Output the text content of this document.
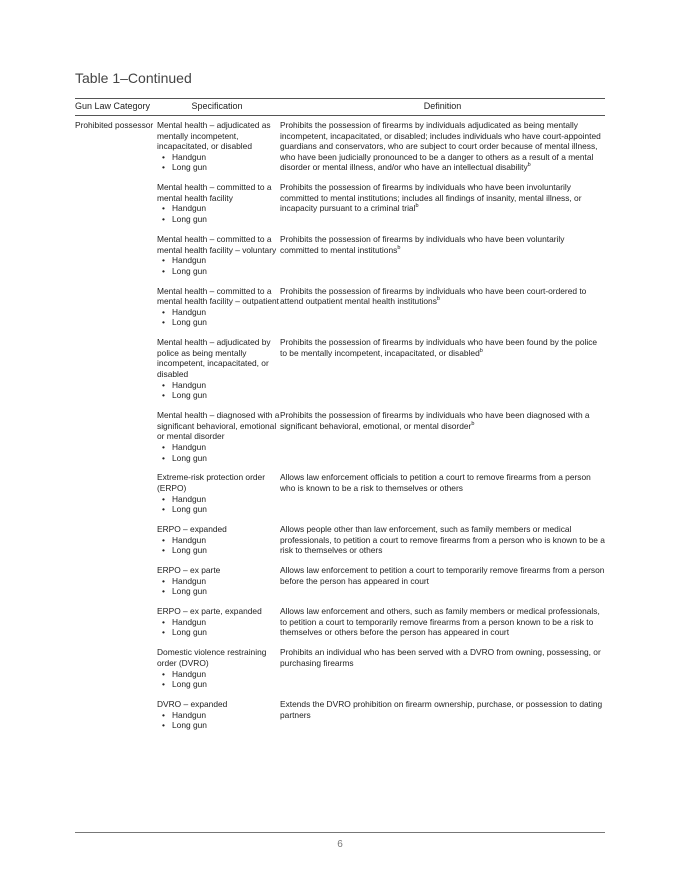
Table 1–Continued
Gun Law Category	Specification	Definition
Prohibited possessor Mental health – adjudicated as mentally incompetent, incapacitated, or disabled
• Handgun
• Long gun
Prohibits the possession of firearms by individuals adjudicated as being mentally incompetent, incapacitated, or disabled; includes individuals who have court-appointed guardians and conservators, who are subject to court order because of mental illness, who have been judicially pronounced to be a danger to others as a result of a mental disorder or mental illness, and/or who have an intellectual disability$^b$
Mental health – committed to a mental health facility
• Handgun
• Long gun
Prohibits the possession of firearms by individuals who have been involuntarily committed to mental institutions; includes all findings of insanity, mental illness, or incapacity pursuant to a criminal trial$^b$
Mental health – committed to a mental health facility – voluntary
• Handgun
• Long gun
Prohibits the possession of firearms by individuals who have been voluntarily committed to mental institutions$^b$
Mental health – committed to a mental health facility – outpatient
• Handgun
• Long gun
Prohibits the possession of firearms by individuals who have been court-ordered to attend outpatient mental health institutions$^b$
Mental health – adjudicated by police as being mentally incompetent, incapacitated, or disabled
• Handgun
• Long gun
Prohibits the possession of firearms by individuals who have been found by the police to be mentally incompetent, incapacitated, or disabled$^b$
Mental health – diagnosed with a significant behavioral, emotional or mental disorder
• Handgun
• Long gun
Prohibits the possession of firearms by individuals who have been diagnosed with a significant behavioral, emotional, or mental disorder$^b$
Extreme-risk protection order (ERPO)
• Handgun
• Long gun
Allows law enforcement officials to petition a court to remove firearms from a person who is known to be a risk to themselves or others
ERPO – expanded
• Handgun
• Long gun
Allows people other than law enforcement, such as family members or medical professionals, to petition a court to remove firearms from a person who is known to be a risk to themselves or others
ERPO – ex parte
• Handgun
• Long gun
Allows law enforcement to petition a court to temporarily remove firearms from a person before the person has appeared in court
ERPO – ex parte, expanded
• Handgun
• Long gun
Allows law enforcement and others, such as family members or medical professionals, to petition a court to temporarily remove firearms from a person known to be a risk to themselves or others before the person has appeared in court
Domestic violence restraining order (DVRO)
• Handgun
• Long gun
Prohibits an individual who has been served with a DVRO from owning, possessing, or purchasing firearms
DVRO – expanded
• Handgun
• Long gun
Extends the DVRO prohibition on firearm ownership, purchase, or possession to dating partners
6
